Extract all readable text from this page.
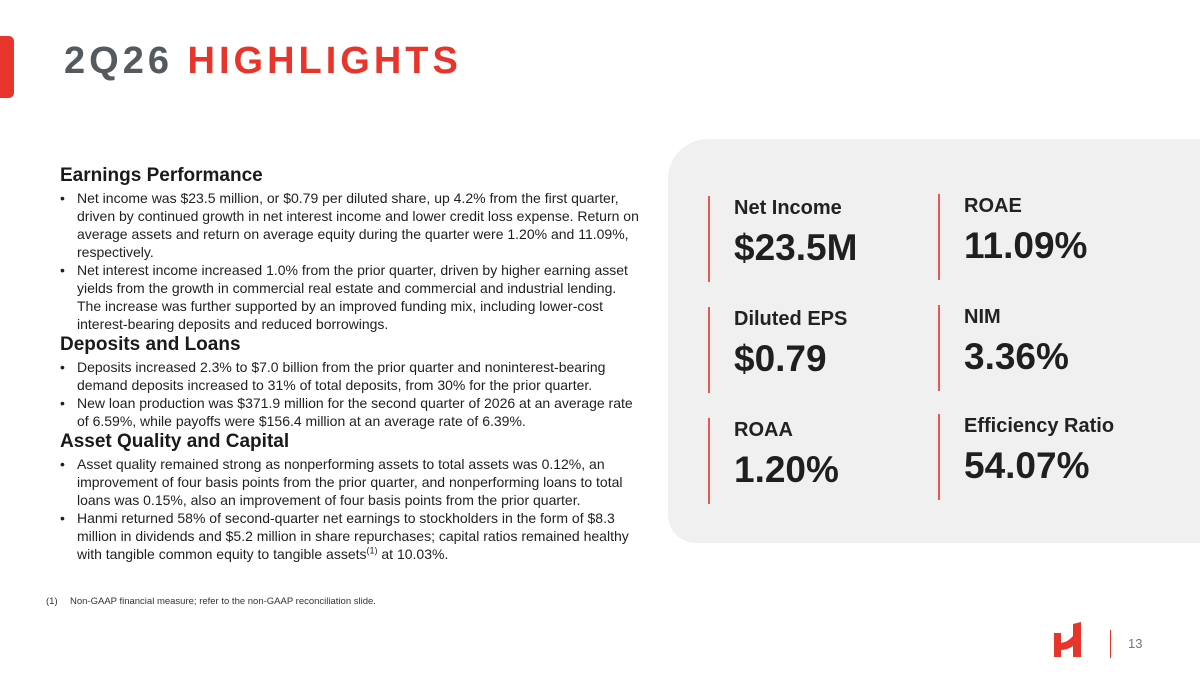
2Q26 HIGHLIGHTS
Earnings Performance
• Net income was $23.5 million, or $0.79 per diluted share, up 4.2% from the first quarter, driven by continued growth in net interest income and lower credit loss expense. Return on average assets and return on average equity during the quarter were 1.20% and 11.09%, respectively.
• Net interest income increased 1.0% from the prior quarter, driven by higher earning asset yields from the growth in commercial real estate and commercial and industrial lending. The increase was further supported by an improved funding mix, including lower-cost interest-bearing deposits and reduced borrowings.
Deposits and Loans
• Deposits increased 2.3% to $7.0 billion from the prior quarter and noninterest-bearing demand deposits increased to 31% of total deposits, from 30% for the prior quarter.
• New loan production was $371.9 million for the second quarter of 2026 at an average rate of 6.59%, while payoffs were $156.4 million at an average rate of 6.39%.
Asset Quality and Capital
• Asset quality remained strong as nonperforming assets to total assets was 0.12%, an improvement of four basis points from the prior quarter, and nonperforming loans to total loans was 0.15%, also an improvement of four basis points from the prior quarter.
• Hanmi returned 58% of second-quarter net earnings to stockholders in the form of $8.3 million in dividends and $5.2 million in share repurchases; capital ratios remained healthy with tangible common equity to tangible assets$^{(1)}$ at 10.03%.
(1) Non-GAAP financial measure; refer to the non-GAAP reconciliation slide.
Net Income
$23.5M
ROAE
11.09%
Diluted EPS
$0.79
NIM
3.36%
ROAA
1.20%
Efficiency Ratio
54.07%
13
